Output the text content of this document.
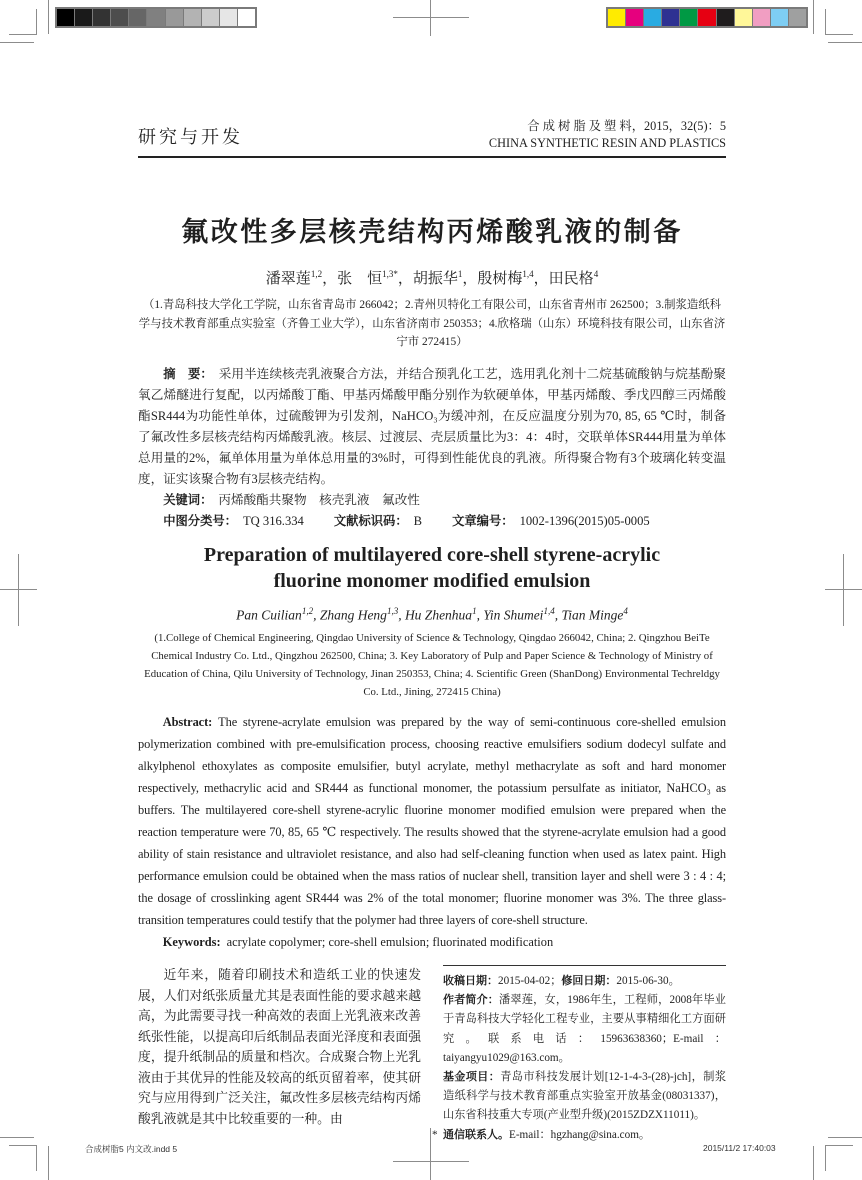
研究与开发
合 成 树 脂 及 塑 料，2015，32(5)：5
CHINA SYNTHETIC RESIN AND PLASTICS
氟改性多层核壳结构丙烯酸乳液的制备
潘翠莲$^{1,2}$，张　恒$^{1,3*}$，胡振华$^1$，殷树梅$^{1,4}$，田民格$^4$
（1.青岛科技大学化工学院，山东省青岛市 266042；2.青州贝特化工有限公司，山东省青州市 262500；3.制浆造纸科学与技术教育部重点实验室（齐鲁工业大学），山东省济南市 250353；4.欣格瑞（山东）环境科技有限公司，山东省济宁市 272415）

摘　要： 采用半连续核壳乳液聚合方法，并结合预乳化工艺，选用乳化剂十二烷基硫酸钠与烷基酚聚氧乙烯醚进行复配，以丙烯酸丁酯、甲基丙烯酸甲酯分别作为软硬单体，甲基丙烯酸、季戊四醇三丙烯酸酯SR444为功能性单体，过硫酸钾为引发剂，NaHCO₃为缓冲剂，在反应温度分别为70, 85, 65 ℃时，制备了氟改性多层核壳结构丙烯酸乳液。核层、过渡层、壳层质量比为3：4：4时，交联单体SR444用量为单体总用量的2%，氟单体用量为单体总用量的3%时，可得到性能优良的乳液。所得聚合物有3个玻璃化转变温度，证实该聚合物有3层核壳结构。

关键词： 丙烯酸酯共聚物　核壳乳液　氟改性

中图分类号： TQ 316.334 文献标识码： B 文章编号： 1002-1396(2015)05-0005

Preparation of multilayered core-shell styrene-acrylic
fluorine monomer modified emulsion
Pan Cuilian$^{1,2}$, Zhang Heng$^{1,3}$, Hu Zhenhua$^1$, Yin Shumei$^{1,4}$, Tian Minge$^4$
(1.College of Chemical Engineering, Qingdao University of Science & Technology, Qingdao 266042, China; 2. Qingzhou BeiTe Chemical Industry Co. Ltd., Qingzhou 262500, China; 3. Key Laboratory of Pulp and Paper Science & Technology of Ministry of Education of China, Qilu University of Technology, Jinan 250353, China; 4. Scientific Green (ShanDong) Environmental Techreldgy Co. Ltd., Jining, 272415 China)

Abstract: The styrene-acrylate emulsion was prepared by the way of semi-continuous core-shelled emulsion polymerization combined with pre-emulsification process, choosing reactive emulsifiers sodium dodecyl sulfate and alkylphenol ethoxylates as composite emulsifier, butyl acrylate, methyl methacrylate as soft and hard monomer respectively, methacrylic acid and SR444 as functional monomer, the potassium persulfate as initiator, NaHCO₃ as buffers. The multilayered core-shell styrene-acrylic fluorine monomer modified emulsion were prepared when the reaction temperature were 70, 85, 65 ℃ respectively. The results showed that the styrene-acrylate emulsion had a good ability of stain resistance and ultraviolet resistance, and also had self-cleaning function when used as latex paint. High performance emulsion could be obtained when the mass ratios of nuclear shell, transition layer and shell were 3 : 4 : 4; the dosage of crosslinking agent SR444 was 2% of the total monomer; fluorine monomer was 3%. The three glass-transition temperatures could testify that the polymer had three layers of core-shell structure.

Keywords: acrylate copolymer; core-shell emulsion; fluorinated modification

近年来，随着印刷技术和造纸工业的快速发展，人们对纸张质量尤其是表面性能的要求越来越高，为此需要寻找一种高效的表面上光乳液来改善纸张性能，以提高印后纸制品表面光泽度和表面强度，提升纸制品的质量和档次。合成聚合物上光乳液由于其优异的性能及较高的纸页留着率，使其研究与应用得到广泛关注，氟改性多层核壳结构丙烯酸乳液就是其中比较重要的一种。由

收稿日期：2015-04-02；修回日期：2015-06-30。
作者简介：潘翠莲，女，1986年生，工程师，2008年毕业于青岛科技大学轻化工程专业，主要从事精细化工方面研究。联系电话：15963638360；E-mail：taiyangyu1029@163.com。
基金项目：青岛市科技发展计划[12-1-4-3-(28)-jch]，制浆造纸科学与技术教育部重点实验室开放基金(08031337)，山东省科技重大专项(产业型升级)(2015ZDZX11011)。
* 通信联系人。E-mail：hgzhang@sina.com。
合成树脂5 内文改.indd 5	2015/11/2 17:40:03
